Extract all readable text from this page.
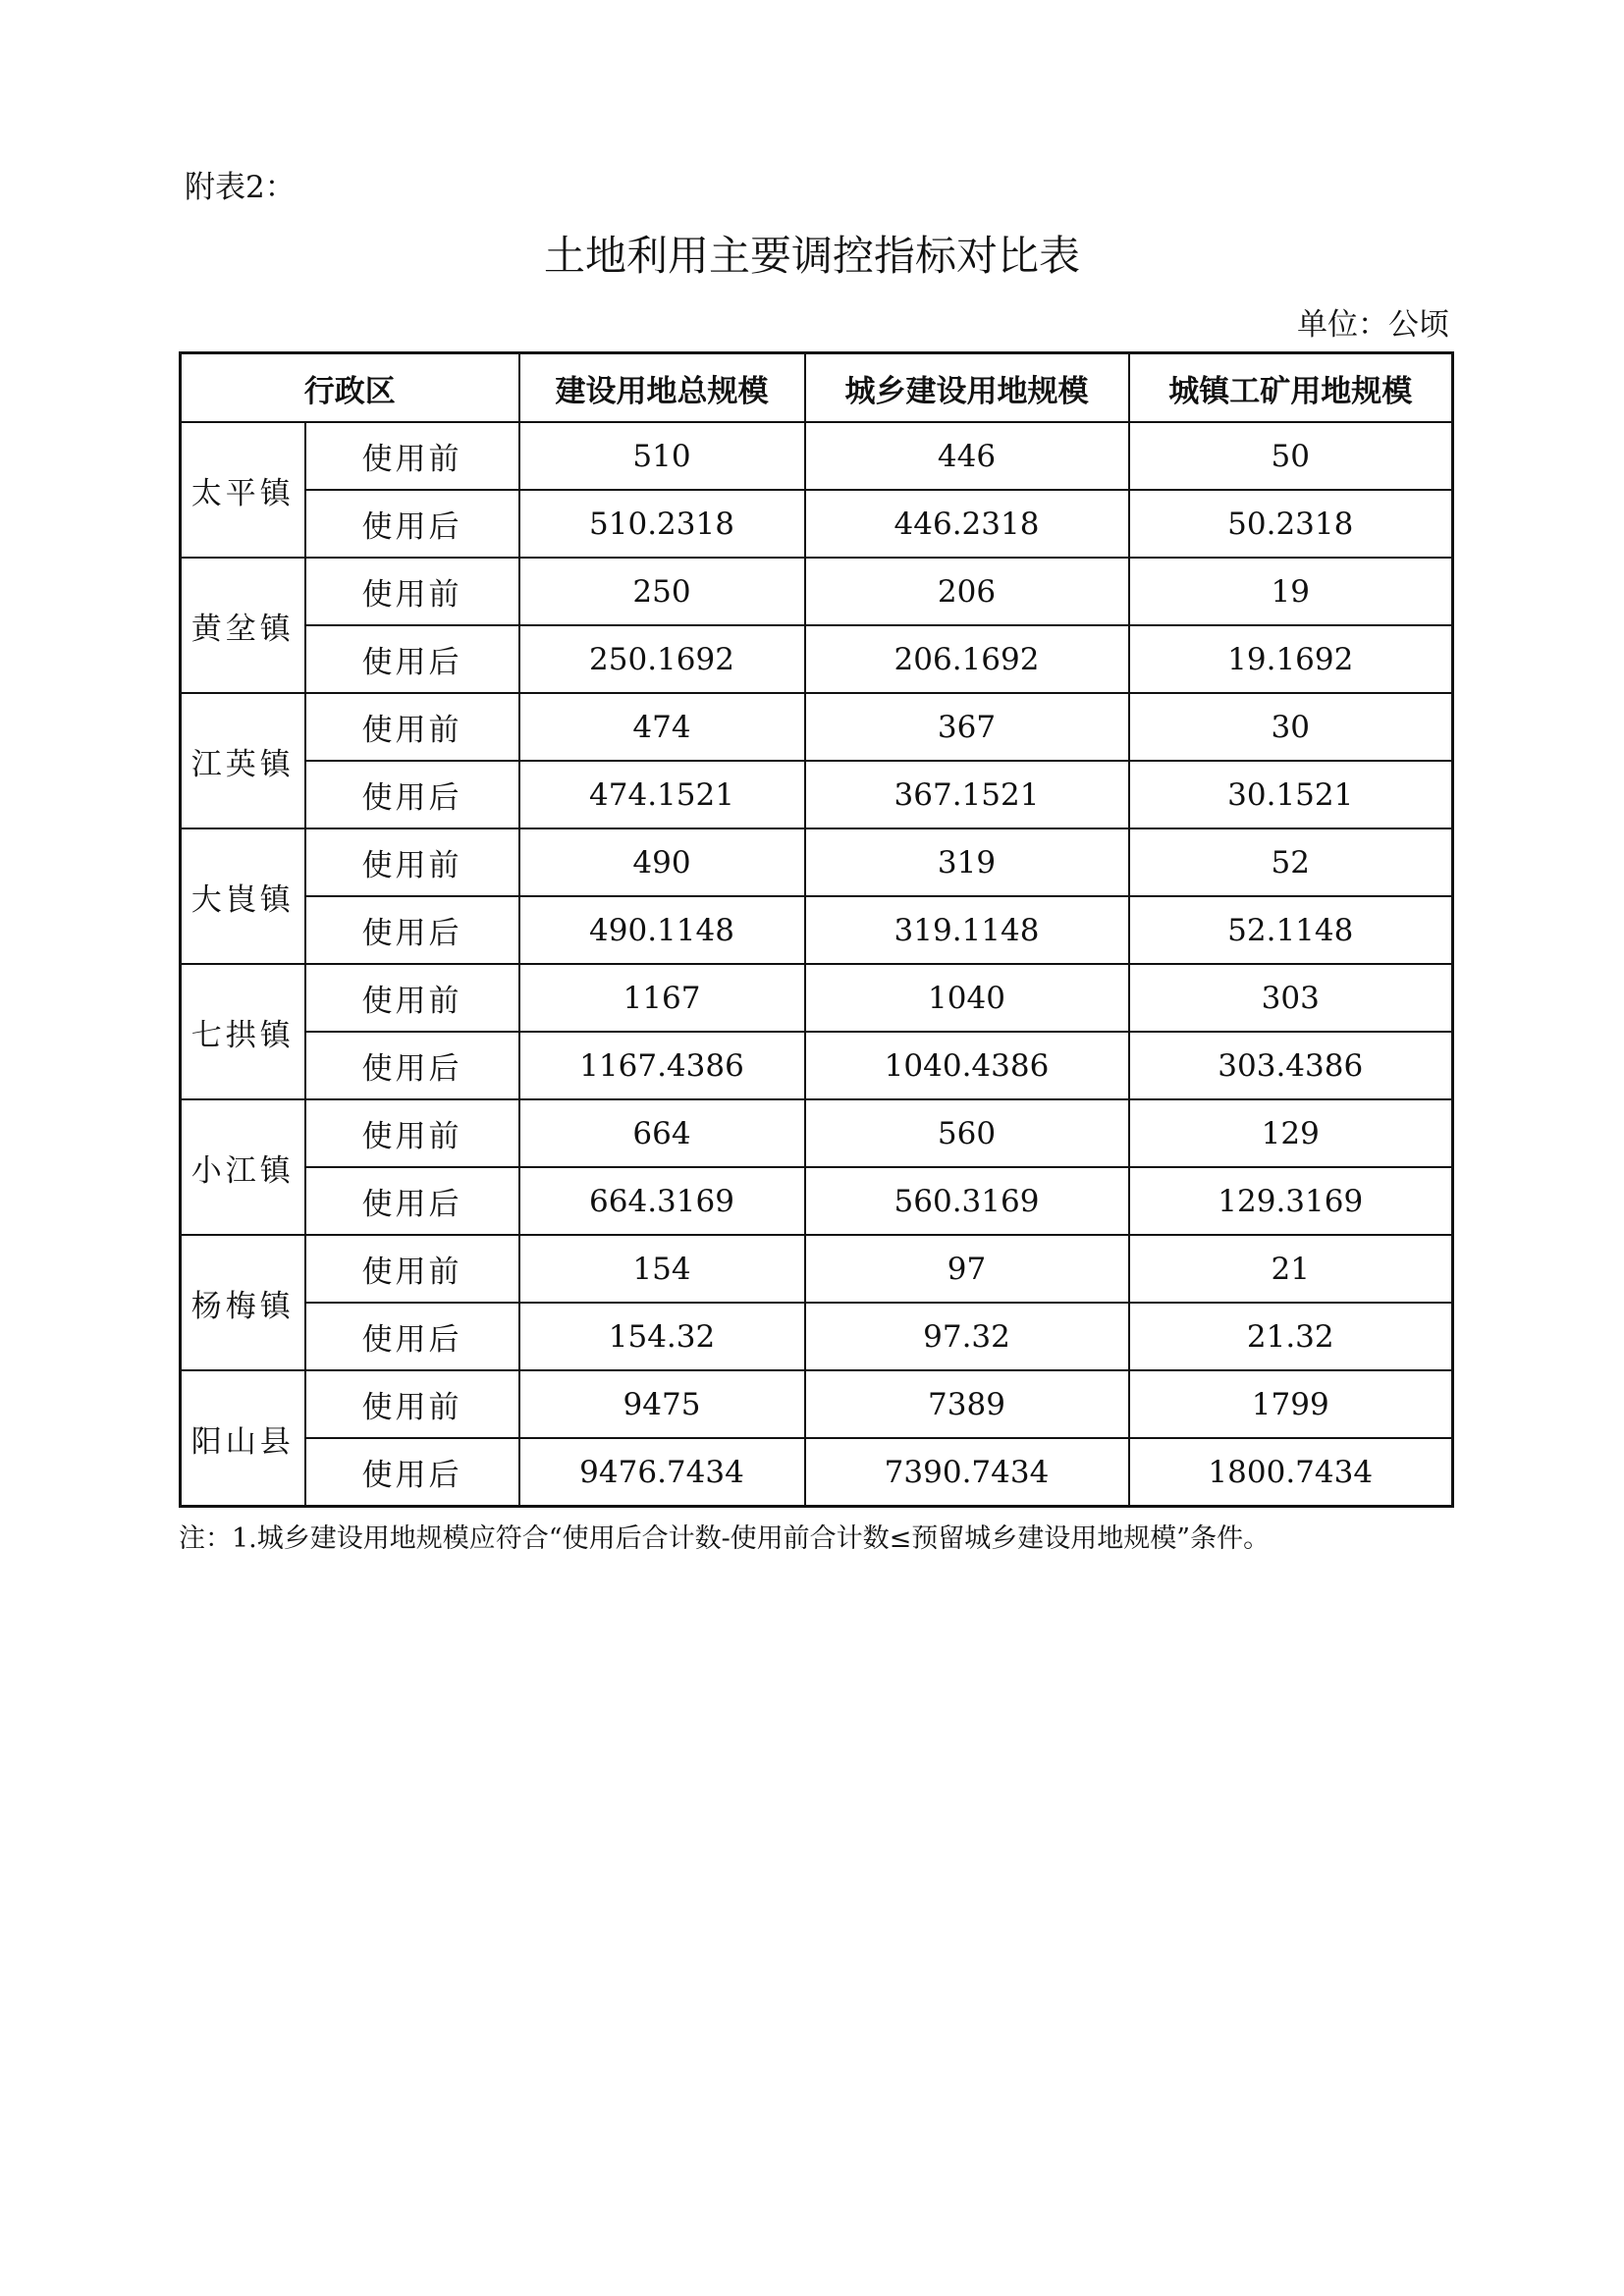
附表2：
土地利用主要调控指标对比表
单位：公顷
行政区		建设用地总规模	城乡建设用地规模	城镇工矿用地规模
太平镇	使用前	510	446	50
	使用后	510.2318	446.2318	50.2318
黄坌镇	使用前	250	206	19
	使用后	250.1692	206.1692	19.1692
江英镇	使用前	474	367	30
	使用后	474.1521	367.1521	30.1521
大崀镇	使用前	490	319	52
	使用后	490.1148	319.1148	52.1148
七拱镇	使用前	1167	1040	303
	使用后	1167.4386	1040.4386	303.4386
小江镇	使用前	664	560	129
	使用后	664.3169	560.3169	129.3169
杨梅镇	使用前	154	97	21
	使用后	154.32	97.32	21.32
阳山县	使用前	9475	7389	1799
	使用后	9476.7434	7390.7434	1800.7434
注：1.城乡建设用地规模应符合“使用后合计数-使用前合计数≤预留城乡建设用地规模”条件。
